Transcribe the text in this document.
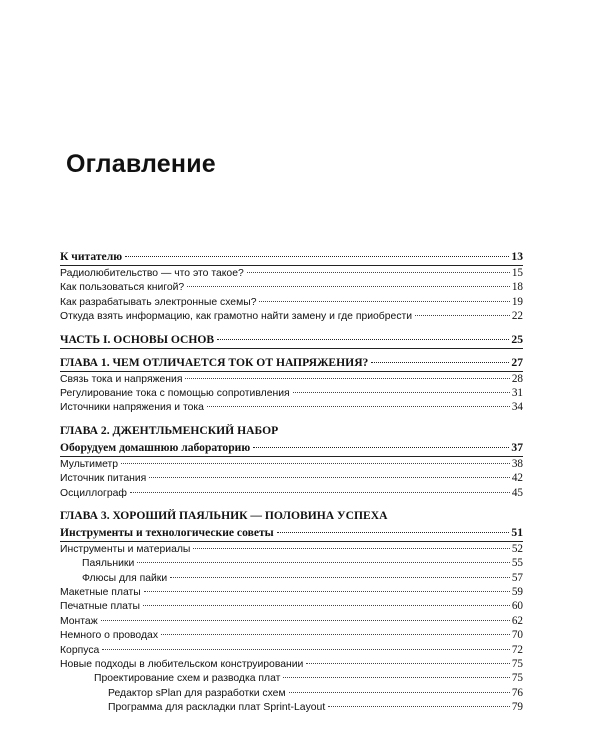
Оглавление
К читателю	13
Радиолюбительство — что это такое?	15
Как пользоваться книгой?	18
Как разрабатывать электронные схемы?	19
Откуда взять информацию, как грамотно найти замену и где приобрести	22
ЧАСТЬ I. ОСНОВЫ ОСНОВ	25
ГЛАВА 1. ЧЕМ ОТЛИЧАЕТСЯ ТОК ОТ НАПРЯЖЕНИЯ?	27
Связь тока и напряжения	28
Регулирование тока с помощью сопротивления	31
Источники напряжения и тока	34
ГЛАВА 2. ДЖЕНТЛЬМЕНСКИЙ НАБОР
Оборудуем домашнюю лабораторию	37
Мультиметр	38
Источник питания	42
Осциллограф	45
ГЛАВА 3. ХОРОШИЙ ПАЯЛЬНИК — ПОЛОВИНА УСПЕХА
Инструменты и технологические советы	51
Инструменты и материалы	52
Паяльники	55
Флюсы для пайки	57
Макетные платы	59
Печатные платы	60
Монтаж	62
Немного о проводах	70
Корпуса	72
Новые подходы в любительском конструировании	75
Проектирование схем и разводка плат	75
Редактор sPlan для разработки схем	76
Программа для раскладки плат Sprint-Layout	79
